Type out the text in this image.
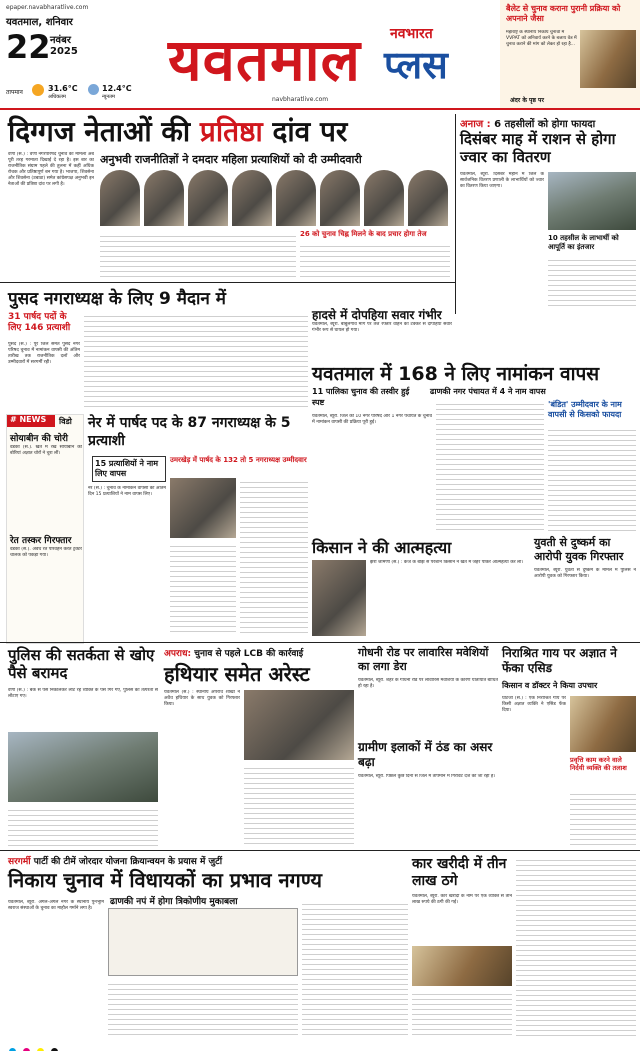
epaper.navabharatlive.com
यवतमाल, शनिवार
22 नवंबर
2025
तापमान	31.6°C
अधिकतम
12.4°C
न्यूनतम
यवतमाल नवभारत
प्लस
navbharatlive.com
बैलेट से चुनाव कराना पुरानी प्रक्रिया को अपनाने जैसा
महाराष्ट्र के स्थानीय निकाय चुनावों में VVPAT को अनिवार्य करने के बजाय वेत्र में चुनाव कराने की मांग को लेकर हो रहा है...
अंदर के पृष्ठ पर
दिग्गज नेताओं की प्रतिष्ठा दांव पर
वणी (स.) : वणी नगरपरिषद चुनाव का मामला अब पूरी तरह गरमाता दिखाई दे रहा है। इस बार का राजनीतिक संग्राम पहले की तुलना में कहीं अधिक रोचक और प्रतिष्ठापूर्ण बन गया है। भाजपा, शिवसेना और शिवसेना (उबाठा) समेत कांग्रेसपक्ष अनुभवी इन नेताओं की प्रतिष्ठा दांव पर लगी है।
अनुभवी राजनीतिज्ञों ने दमदार महिला प्रत्याशियों को दी उम्मीदवारी
26 को चुनाव चिह्न मिलने के बाद प्रचार होगा तेज
अनाज : 6 तहसीलों को होगा फायदा
दिसंबर माह में राशन से होगा ज्वार का वितरण
यवतमाल, ब्यूरो. दिसंबर महीने में जिले के सार्वजनिक वितरण प्रणाली के लाभार्थियों को ज्वार का वितरण किया जाएगा।
10 तहसील के लाभार्थी को आपूर्ति का इंतजार
पुसद नगराध्यक्ष के लिए 9 मैदान में
31 पार्षद पदों के लिए 146 प्रत्याशी
पुसद (स.) : पूरे जिले समेत पुसद नगर परिषद चुनाव में नामांकन वापसी की अंतिम तारीख तक राजनीतिक दलों और उम्मीदवारों में सरगर्मी रही।
हादसे में दोपहिया सवार गंभीर
यवतमाल, ब्यूरो. बाबुलगांव मार्ग पर तेज रफ्तार वाहन की टक्कर से दोपहिया सवार गंभीर रूप से घायल हो गया।
यवतमाल में 168 ने लिए नामांकन वापस
11 पालिका चुनाव की तस्वीर हुई स्पष्ट
ढाणकी नगर पंचायत में 4 ने नाम वापस
'बंडित' उम्मीदवार के नाम वापसी से किसको फायदा
यवतमाल, ब्यूरो. जिले की 10 नगर परिषद और 1 नगर पंचायत के चुनाव में नामांकन वापसी की प्रक्रिया पूरी हुई।
# NEWS	विडो
सोयाबीन की चोरी
वडकी (स.). खेत में रखे सोयाबीन की बोरियां अज्ञात चोरों ने चुरा लीं।
रेत तस्कर गिरफ्तार
वडकी (स.). अवैध रेत परिवहन करते ट्रैक्टर चालक को पकड़ा गया।
नेर में पार्षद पद के 87 नगराध्यक्ष के 5 प्रत्याशी
15 प्रत्याशियों ने नाम लिए वापस
नेर (स.) : चुनाव के नामांकन वापसी की अंतिम दिन 15 प्रत्याशियों ने नाम वापस लिए।
उमरखेड़ में पार्षद के 132 तो 5 नगराध्यक्ष उम्मीदवार
किसान ने की आत्महत्या
झरी जामणी (स.) : कर्ज के बोझ से परेशान किसान ने खेत में जहर पीकर आत्महत्या कर ली।
युवती से दुष्कर्म का आरोपी युवक गिरफ्तार
यवतमाल, ब्यूरो. युवती से दुष्कर्म के मामले में पुलिस ने आरोपी युवक को गिरफ्तार किया।
पुलिस की सतर्कता से खोए पैसे बरामद
वणी (स.) : बैंक से पैसे निकालकर लौट रहे व्यक्ति के पैसे गिर गए, पुलिस की तत्परता से लौटाए गए।
अपराध: चुनाव से पहले LCB की कार्रवाई
हथियार समेत अरेस्ट
यवतमाल (स.) : स्थानीय अपराध शाखा ने अवैध हथियार के साथ युवक को गिरफ्तार किया।
गोधनी रोड पर लावारिस मवेशियों का लगा डेरा
यवतमाल, ब्यूरो. शहर के गोधनी रोड पर लावारिस मवेशियों के कारण यातायात बाधित हो रहा है।
ग्रामीण इलाकों में ठंड का असर बढ़ा
यवतमाल, ब्यूरो. पिछले कुछ दिनों से जिले में तापमान में गिरावट दर्ज की जा रही है।
निराश्रित गाय पर अज्ञात ने फेंका एसिड
किसान व डॉक्टर ने किया उपचार
घाटंजी (स.) : एक निराश्रित गाय पर किसी अज्ञात व्यक्ति ने एसिड फेंक दिया।
प्रवृत्ति काम करने वाले निर्दयी व्यक्ति की तलाश
सरगर्मी पार्टी की टीमें जोरदार योजना क्रियान्वयन के प्रयास में जुटीं
निकाय चुनाव में विधायकों का प्रभाव नगण्य
ढाणकी नपं में होगा त्रिकोणीय मुकाबला
यवतमाल, ब्यूरो. अगले-अगले नगर के स्थानीय पुनर्भूमि स्वराज संस्थाओं के चुनाव का माहौल गर्माने लगा है।
कार खरीदी में तीन लाख ठगे
यवतमाल, ब्यूरो. कार खरीदी के नाम पर एक व्यक्ति से तीन लाख रुपये की ठगी की गई।
